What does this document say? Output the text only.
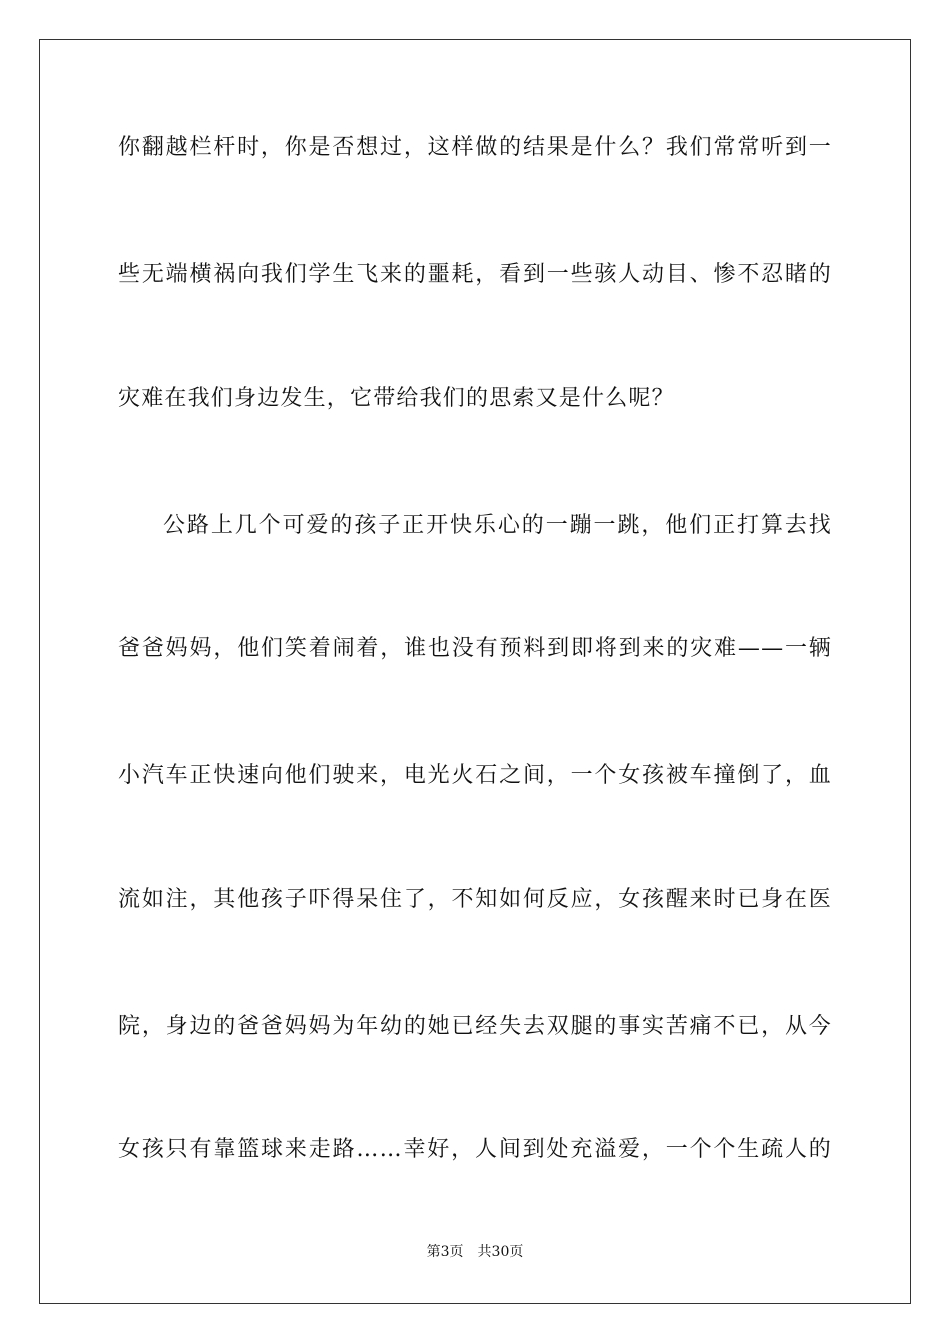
你翻越栏杆时，你是否想过，这样做的结果是什么？我们常常听到一
些无端横祸向我们学生飞来的噩耗，看到一些骇人动目、惨不忍睹的
灾难在我们身边发生，它带给我们的思索又是什么呢？
公路上几个可爱的孩子正开快乐心的一蹦一跳，他们正打算去找
爸爸妈妈，他们笑着闹着，谁也没有预料到即将到来的灾难——一辆
小汽车正快速向他们驶来，电光火石之间，一个女孩被车撞倒了，血
流如注，其他孩子吓得呆住了，不知如何反应，女孩醒来时已身在医
院，身边的爸爸妈妈为年幼的她已经失去双腿的事实苦痛不已，从今
女孩只有靠篮球来走路……幸好，人间到处充溢爱，一个个生疏人的
第3页 共30页
